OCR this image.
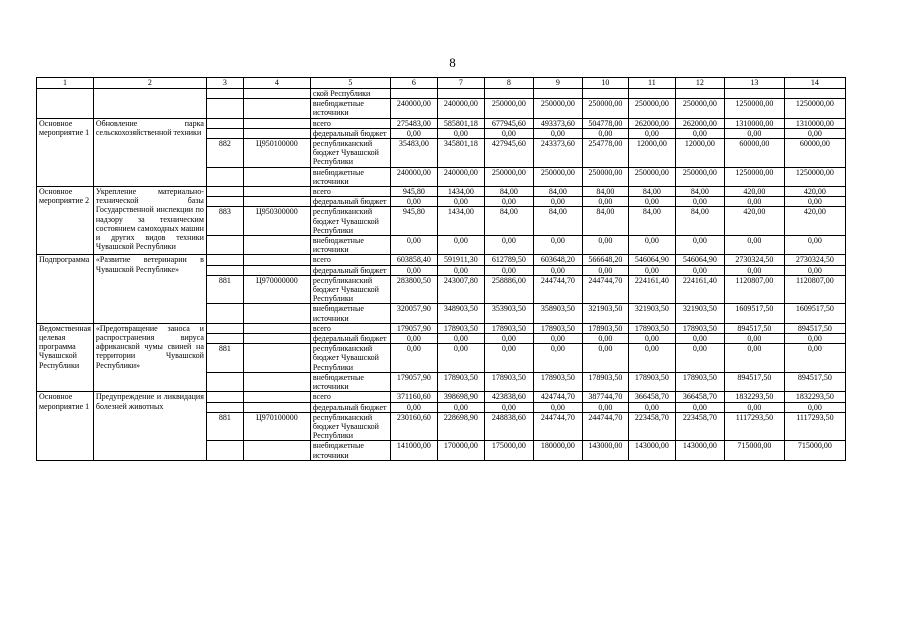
8
1	2	3	4	5	6	7	8	9	10	11	12	13	14
				ской Республики									
				внебюджетные источники	240000,00	240000,00	250000,00	250000,00	250000,00	250000,00	250000,00	1250000,00	1250000,00
Основное мероприятие 1	Обновление парка сельскохозяйственной техники			всего	275483,00	585801,18	677945,60	493373,60	504778,00	262000,00	262000,00	1310000,00	1310000,00
				федеральный бюджет	0,00	0,00	0,00	0,00	0,00	0,00	0,00	0,00	0,00
		882	Ц950100000	республиканский бюджет Чувашской Республики	35483,00	345801,18	427945,60	243373,60	254778,00	12000,00	12000,00	60000,00	60000,00
				внебюджетные источники	240000,00	240000,00	250000,00	250000,00	250000,00	250000,00	250000,00	1250000,00	1250000,00
Основное мероприятие 2	Укрепление материально-технической базы Государственной инспекции по надзору за техническим состоянием самоходных машин и других видов техники Чувашской Республики			всего	945,80	1434,00	84,00	84,00	84,00	84,00	84,00	420,00	420,00
				федеральный бюджет	0,00	0,00	0,00	0,00	0,00	0,00	0,00	0,00	0,00
		883	Ц950300000	республиканский бюджет Чувашской Республики	945,80	1434,00	84,00	84,00	84,00	84,00	84,00	420,00	420,00
				внебюджетные источники	0,00	0,00	0,00	0,00	0,00	0,00	0,00	0,00	0,00
Подпрограмма	«Развитие ветеринарии в Чувашской Республике»			всего	603858,40	591911,30	612789,50	603648,20	566648,20	546064,90	546064,90	2730324,50	2730324,50
				федеральный бюджет	0,00	0,00	0,00	0,00	0,00	0,00	0,00	0,00	0,00
		881	Ц970000000	республиканский бюджет Чувашской Республики	283800,50	243007,80	258886,00	244744,70	244744,70	224161,40	224161,40	1120807,00	1120807,00
				внебюджетные источники	320057,90	348903,50	353903,50	358903,50	321903,50	321903,50	321903,50	1609517,50	1609517,50
Ведомственная целевая программа Чувашской Республики	«Предотвращение заноса и распространения вируса африканской чумы свиней на территории Чувашской Республики»			всего	179057,90	178903,50	178903,50	178903,50	178903,50	178903,50	178903,50	894517,50	894517,50
				федеральный бюджет	0,00	0,00	0,00	0,00	0,00	0,00	0,00	0,00	0,00
		881		республиканский бюджет Чувашской Республики	0,00	0,00	0,00	0,00	0,00	0,00	0,00	0,00	0,00
				внебюджетные источники	179057,90	178903,50	178903,50	178903,50	178903,50	178903,50	178903,50	894517,50	894517,50
Основное мероприятие 1	Предупреждение и ликвидация болезней животных			всего	371160,60	398698,90	423838,60	424744,70	387744,70	366458,70	366458,70	1832293,50	1832293,50
				федеральный бюджет	0,00	0,00	0,00	0,00	0,00	0,00	0,00	0,00	0,00
		881	Ц970100000	республиканский бюджет Чувашской Республики	230160,60	228698,90	248838,60	244744,70	244744,70	223458,70	223458,70	1117293,50	1117293,50
				внебюджетные источники	141000,00	170000,00	175000,00	180000,00	143000,00	143000,00	143000,00	715000,00	715000,00
